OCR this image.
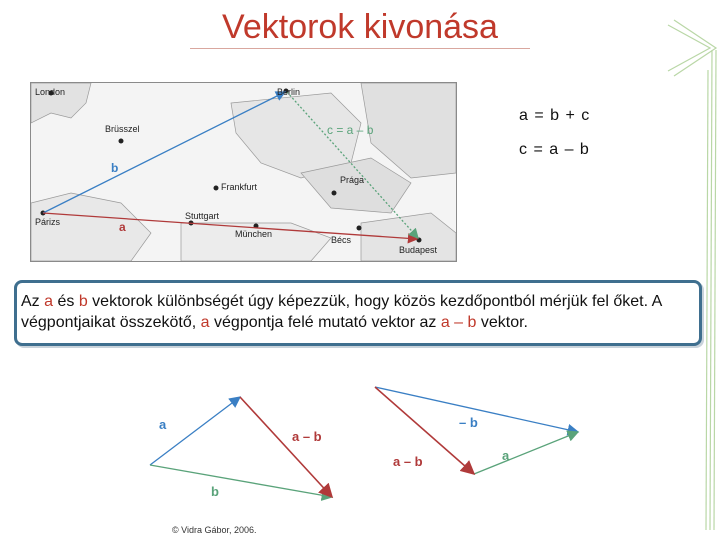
Vektorok kivonása
London	Berlin
Brüsszel
Frankfurt
Prága
Párizs
Stuttgart
München
Bécs
Budapest
b
a
c = a – b
a = b + c
c = a – b
Az a és b vektorok különbségét úgy képezzük, hogy közös kezdőpontból mérjük fel őket. A végpontjaikat összekötő, a végpontja felé mutató vektor az a – b vektor.
a
b
a – b
– b
a
a – b
© Vidra Gábor, 2006.
